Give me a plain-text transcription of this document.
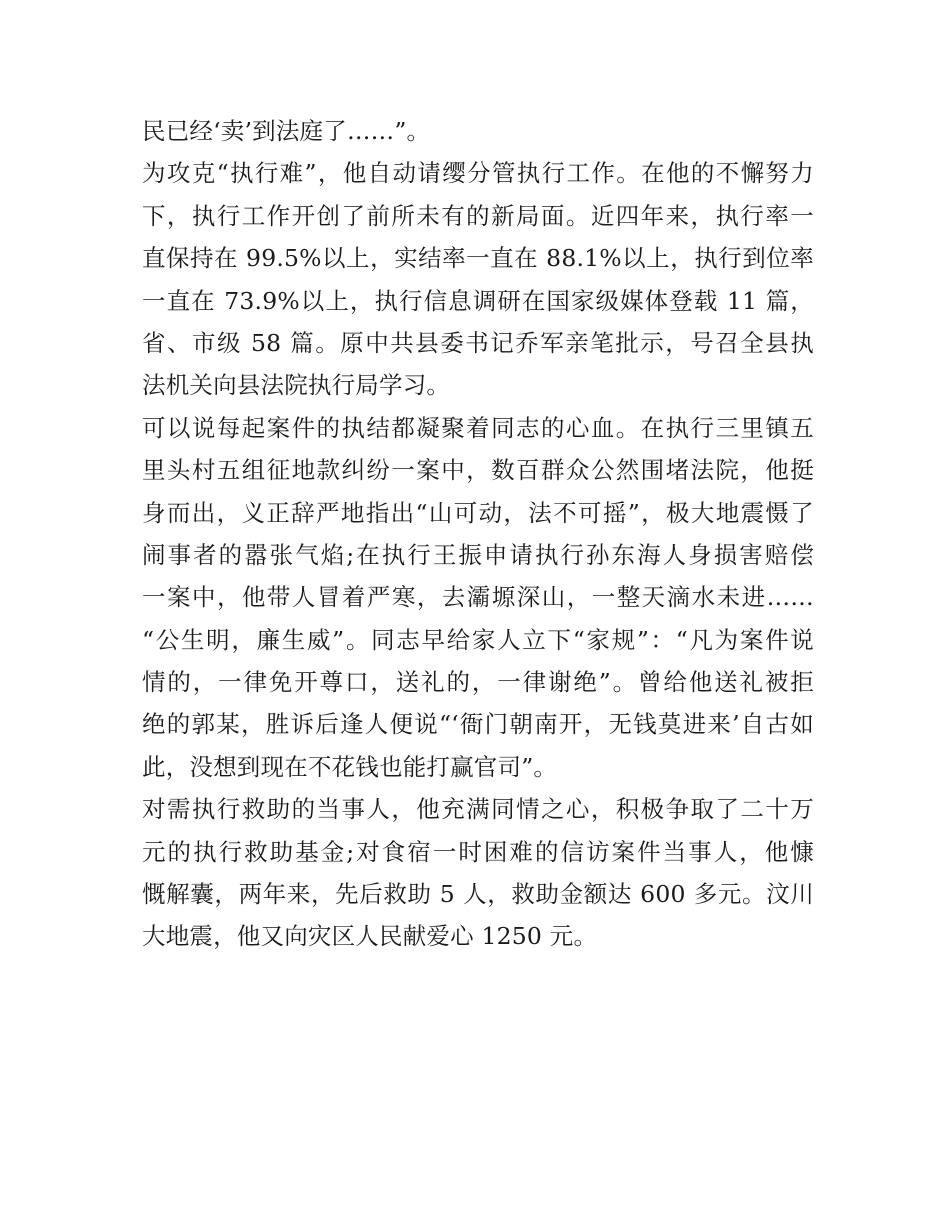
民已经‘卖’到法庭了……”。
为攻克“执行难”，他自动请缨分管执行工作。在他的不懈努力
下，执行工作开创了前所未有的新局面。近四年来，执行率一
直保持在 99.5%以上，实结率一直在 88.1%以上，执行到位率
一直在 73.9%以上，执行信息调研在国家级媒体登载 11 篇，
省、市级 58 篇。原中共县委书记乔军亲笔批示，号召全县执
法机关向县法院执行局学习。
可以说每起案件的执结都凝聚着同志的心血。在执行三里镇五
里头村五组征地款纠纷一案中，数百群众公然围堵法院，他挺
身而出，义正辞严地指出“山可动，法不可摇”，极大地震慑了
闹事者的嚣张气焰;在执行王振申请执行孙东海人身损害赔偿
一案中，他带人冒着严寒，去灞塬深山，一整天滴水未进……
“公生明，廉生威”。同志早给家人立下“家规”：“凡为案件说
情的，一律免开尊口，送礼的，一律谢绝”。曾给他送礼被拒
绝的郭某，胜诉后逢人便说“‘衙门朝南开，无钱莫进来’自古如
此，没想到现在不花钱也能打赢官司”。
对需执行救助的当事人，他充满同情之心，积极争取了二十万
元的执行救助基金;对食宿一时困难的信访案件当事人，他慷
慨解囊，两年来，先后救助 5 人，救助金额达 600 多元。汶川
大地震，他又向灾区人民献爱心 1250 元。
